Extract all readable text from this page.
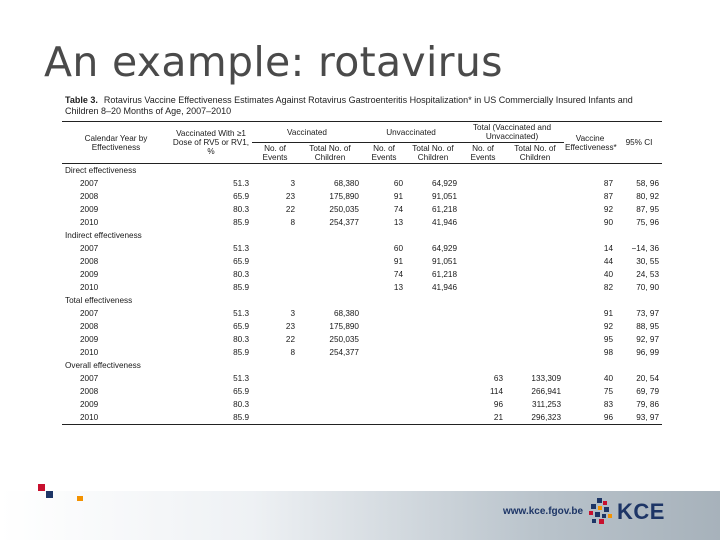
An example: rotavirus
Table 3. Rotavirus Vaccine Effectiveness Estimates Against Rotavirus Gastroenteritis Hospitalization* in US Commercially Insured Infants and Children 8–20 Months of Age, 2007–2010
Calendar Year by Effectiveness	Vaccinated With ≥1 Dose of RV5 or RV1, %	Vaccinated		Unvaccinated		Total (Vaccinated and Unvaccinated)		Vaccine Effectiveness*	95% CI
		No. of Events	Total No. of Children	No. of Events	Total No. of Children	No. of Events	Total No. of Children		
Direct effectiveness									
2007	51.3	3	68,380	60	64,929			87	58, 96
2008	65.9	23	175,890	91	91,051			87	80, 92
2009	80.3	22	250,035	74	61,218			92	87, 95
2010	85.9	8	254,377	13	41,946			90	75, 96
Indirect effectiveness									
2007	51.3			60	64,929			14	−14, 36
2008	65.9			91	91,051			44	30, 55
2009	80.3			74	61,218			40	24, 53
2010	85.9			13	41,946			82	70, 90
Total effectiveness									
2007	51.3	3	68,380					91	73, 97
2008	65.9	23	175,890					92	88, 95
2009	80.3	22	250,035					95	92, 97
2010	85.9	8	254,377					98	96, 99
Overall effectiveness									
2007	51.3					63	133,309	40	20, 54
2008	65.9					114	266,941	75	69, 79
2009	80.3					96	311,253	83	79, 86
2010	85.9					21	296,323	96	93, 97
www.kce.fgov.be KCE
